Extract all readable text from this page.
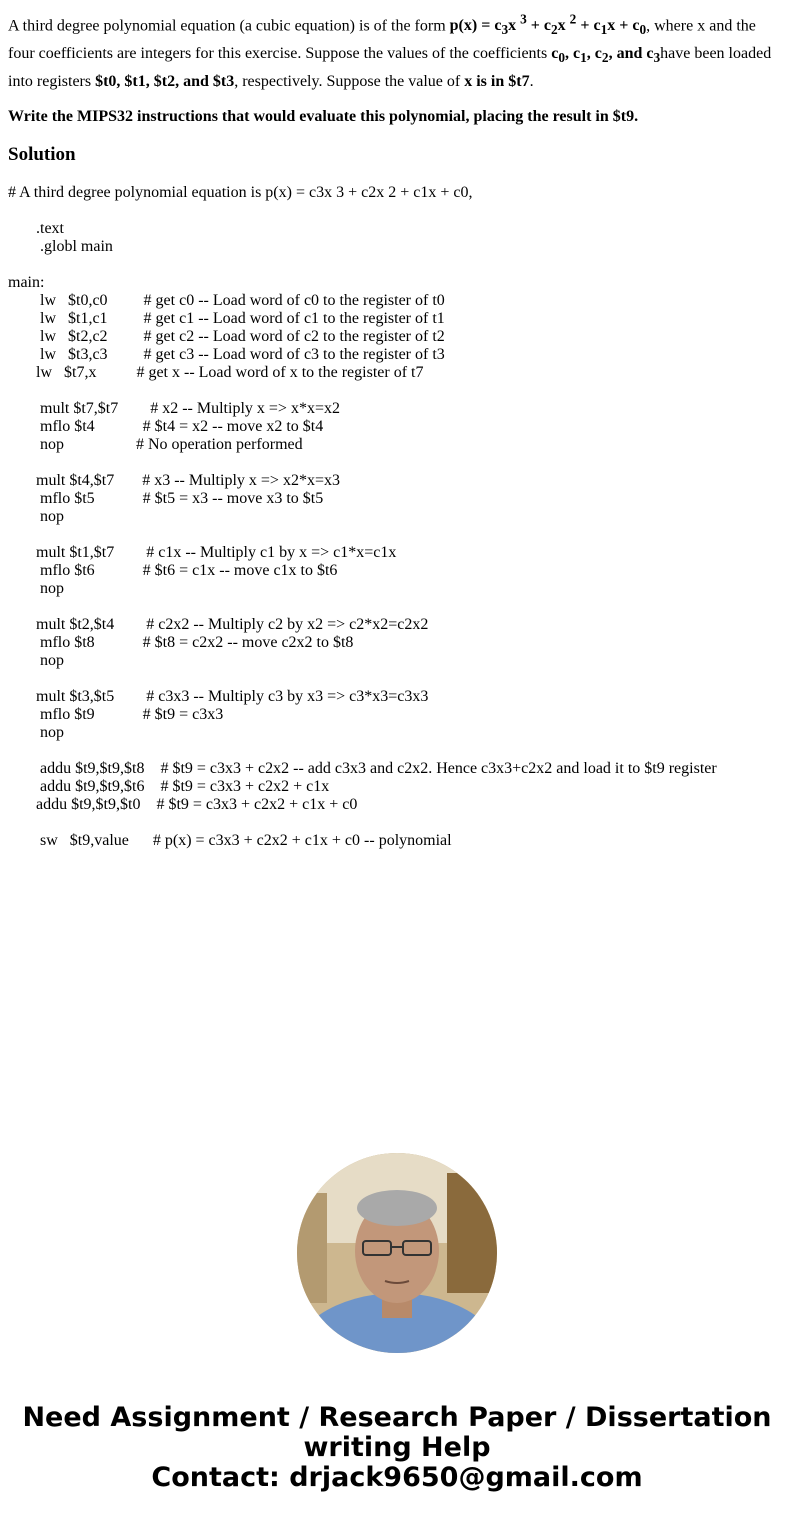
A third degree polynomial equation (a cubic equation) is of the form $p(x) = c_3x$ $^3 + c_2x$ $^2 + c_1x + c_0$, where x and the four coefficients are integers for this exercise. Suppose the values of the coefficients $c_0$, $c_1$, $c_2$, and $c_3have$ been loaded into registers $t0, $t1, $t2, and $t3, respectively. Suppose the value of x is in $t7.

Write the MIPS32 instructions that would evaluate this polynomial, placing the result in $t9.

Solution
# A third degree polynomial equation is p(x) = c3x 3 + c2x 2 + c1x + c0,
.text
.globl main
main:
lw   $t0,c0         # get c0 -- Load word of c0 to the register of t0
lw   $t1,c1         # get c1 -- Load word of c1 to the register of t1
lw   $t2,c2         # get c2 -- Load word of c2 to the register of t2
lw   $t3,c3         # get c3 -- Load word of c3 to the register of t3
lw   $t7,x          # get x -- Load word of x to the register of t7
mult $t7,$t7        # x2 -- Multiply x => x*x=x2
mflo $t4            # $t4 = x2 -- move x2 to $t4
nop                  # No operation performed
mult $t4,$t7       # x3 -- Multiply x => x2*x=x3
mflo $t5            # $t5 = x3 -- move x3 to $t5
nop
mult $t1,$t7        # c1x -- Multiply c1 by x => c1*x=c1x
mflo $t6            # $t6 = c1x -- move c1x to $t6
nop
mult $t2,$t4        # c2x2 -- Multiply c2 by x2 => c2*x2=c2x2
mflo $t8            # $t8 = c2x2 -- move c2x2 to $t8
nop
mult $t3,$t5        # c3x3 -- Multiply c3 by x3 => c3*x3=c3x3
mflo $t9            # $t9 = c3x3
nop
addu $t9,$t9,$t8    # $t9 = c3x3 + c2x2 -- add c3x3 and c2x2. Hence c3x3+c2x2 and load it to $t9 register
addu $t9,$t9,$t6    # $t9 = c3x3 + c2x2 + c1x
addu $t9,$t9,$t0    # $t9 = c3x3 + c2x2 + c1x + c0
sw   $t9,value      # p(x) = c3x3 + c2x2 + c1x + c0 -- polynomial
Need Assignment / Research Paper / Dissertation
writing Help
Contact: drjack9650@gmail.com
